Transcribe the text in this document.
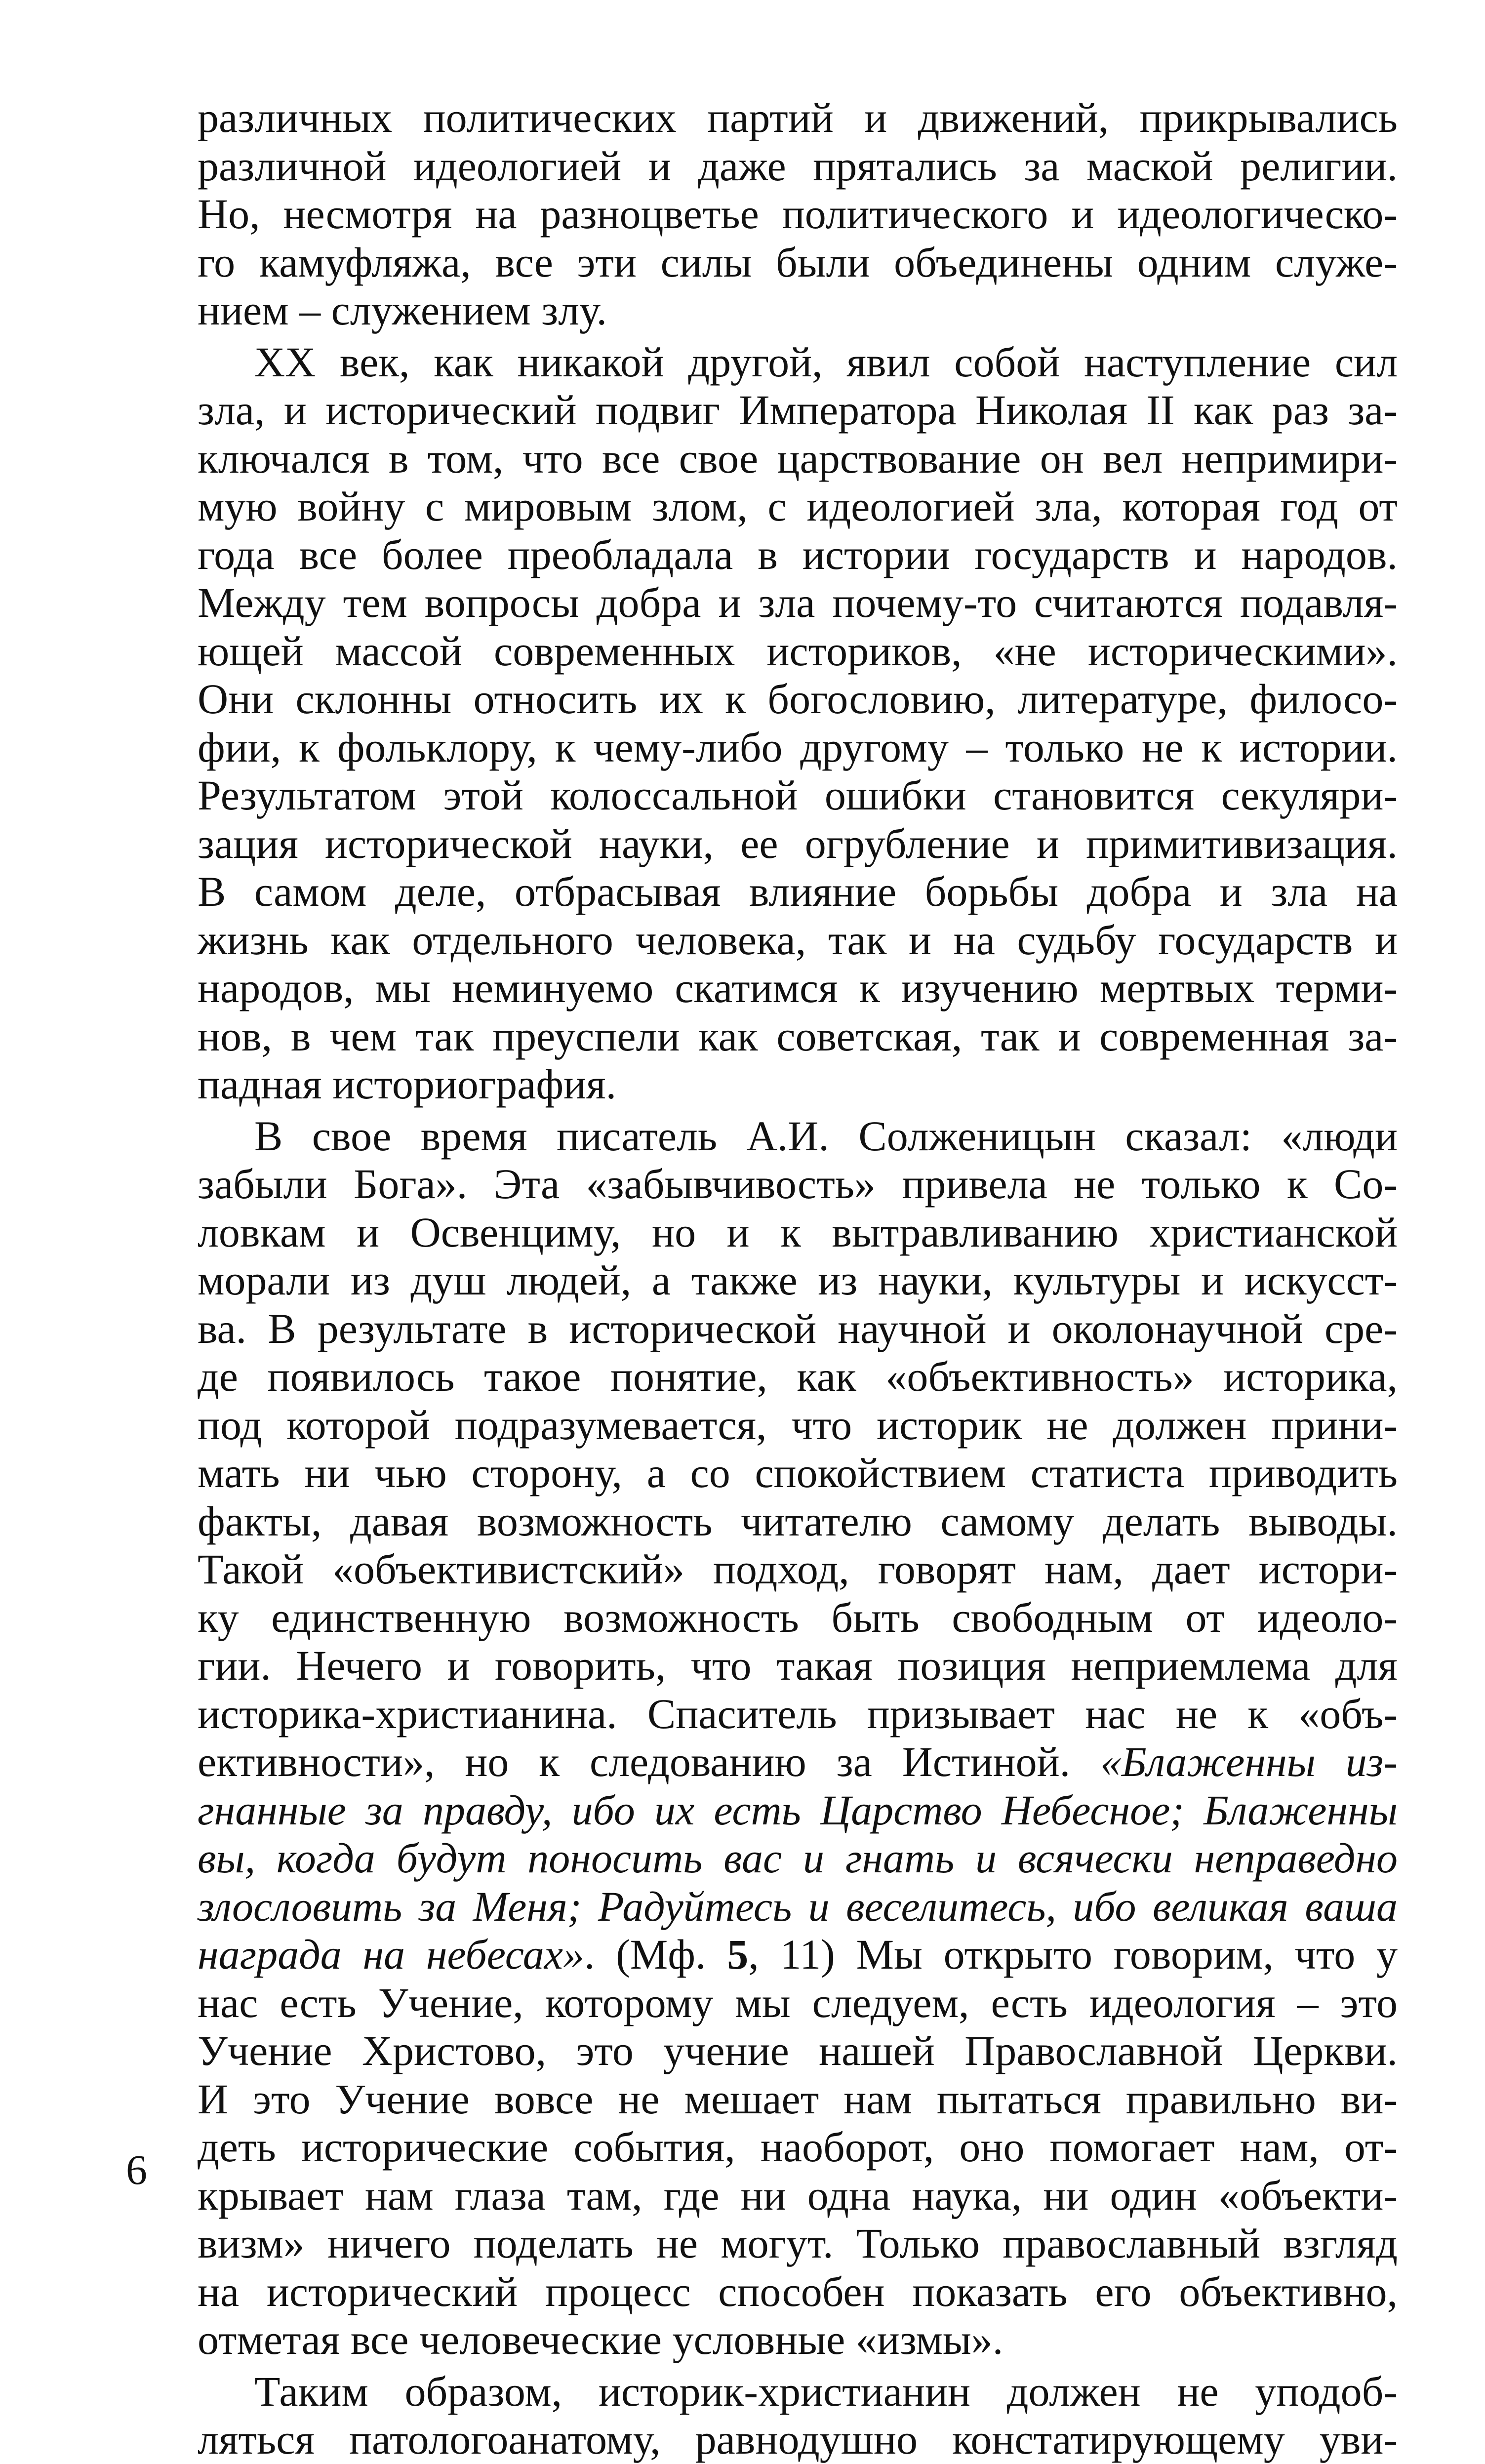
различных политических партий и движений, прикрывались
различной идеологией и даже прятались за маской религии.
Но, несмотря на разноцветье политического и идеологическо-
го камуфляжа, все эти силы были объединены одним служе-
нием – служением злу.
XX век, как никакой другой, явил собой наступление сил
зла, и исторический подвиг Императора Николая II как раз за-
ключался в том, что все свое царствование он вел непримири-
мую войну с мировым злом, с идеологией зла, которая год от
года все более преобладала в истории государств и народов.
Между тем вопросы добра и зла почему-то считаются подавля-
ющей массой современных историков, «не историческими».
Они склонны относить их к богословию, литературе, филосо-
фии, к фольклору, к чему-либо другому – только не к истории.
Результатом этой колоссальной ошибки становится секуляри-
зация исторической науки, ее огрубление и примитивизация.
В самом деле, отбрасывая влияние борьбы добра и зла на
жизнь как отдельного человека, так и на судьбу государств и
народов, мы неминуемо скатимся к изучению мертвых терми-
нов, в чем так преуспели как советская, так и современная за-
падная историография.
В свое время писатель А.И. Солженицын сказал: «люди
забыли Бога». Эта «забывчивость» привела не только к Со-
ловкам и Освенциму, но и к вытравливанию христианской
морали из душ людей, а также из науки, культуры и искусст-
ва. В результате в исторической научной и околонаучной сре-
де появилось такое понятие, как «объективность» историка,
под которой подразумевается, что историк не должен прини-
мать ни чью сторону, а со спокойствием статиста приводить
факты, давая возможность читателю самому делать выводы.
Такой «объективистский» подход, говорят нам, дает истори-
ку единственную возможность быть свободным от идеоло-
гии. Нечего и говорить, что такая позиция неприемлема для
историка-христианина. Спаситель призывает нас не к «объ-
ективности», но к следованию за Истиной. «Блаженны из-
гнанные за правду, ибо их есть Царство Небесное; Блаженны
вы, когда будут поносить вас и гнать и всячески неправедно
злословить за Меня; Радуйтесь и веселитесь, ибо великая ваша
награда на небесах». (Мф. 5, 11) Мы открыто говорим, что у
нас есть Учение, которому мы следуем, есть идеология – это
Учение Христово, это учение нашей Православной Церкви.
И это Учение вовсе не мешает нам пытаться правильно ви-
деть исторические события, наоборот, оно помогает нам, от-
крывает нам глаза там, где ни одна наука, ни один «объекти-
визм» ничего поделать не могут. Только православный взгляд
на исторический процесс способен показать его объективно,
отметая все человеческие условные «измы».
Таким образом, историк-христианин должен не уподоб-
ляться патологоанатому, равнодушно констатирующему уви-
6
